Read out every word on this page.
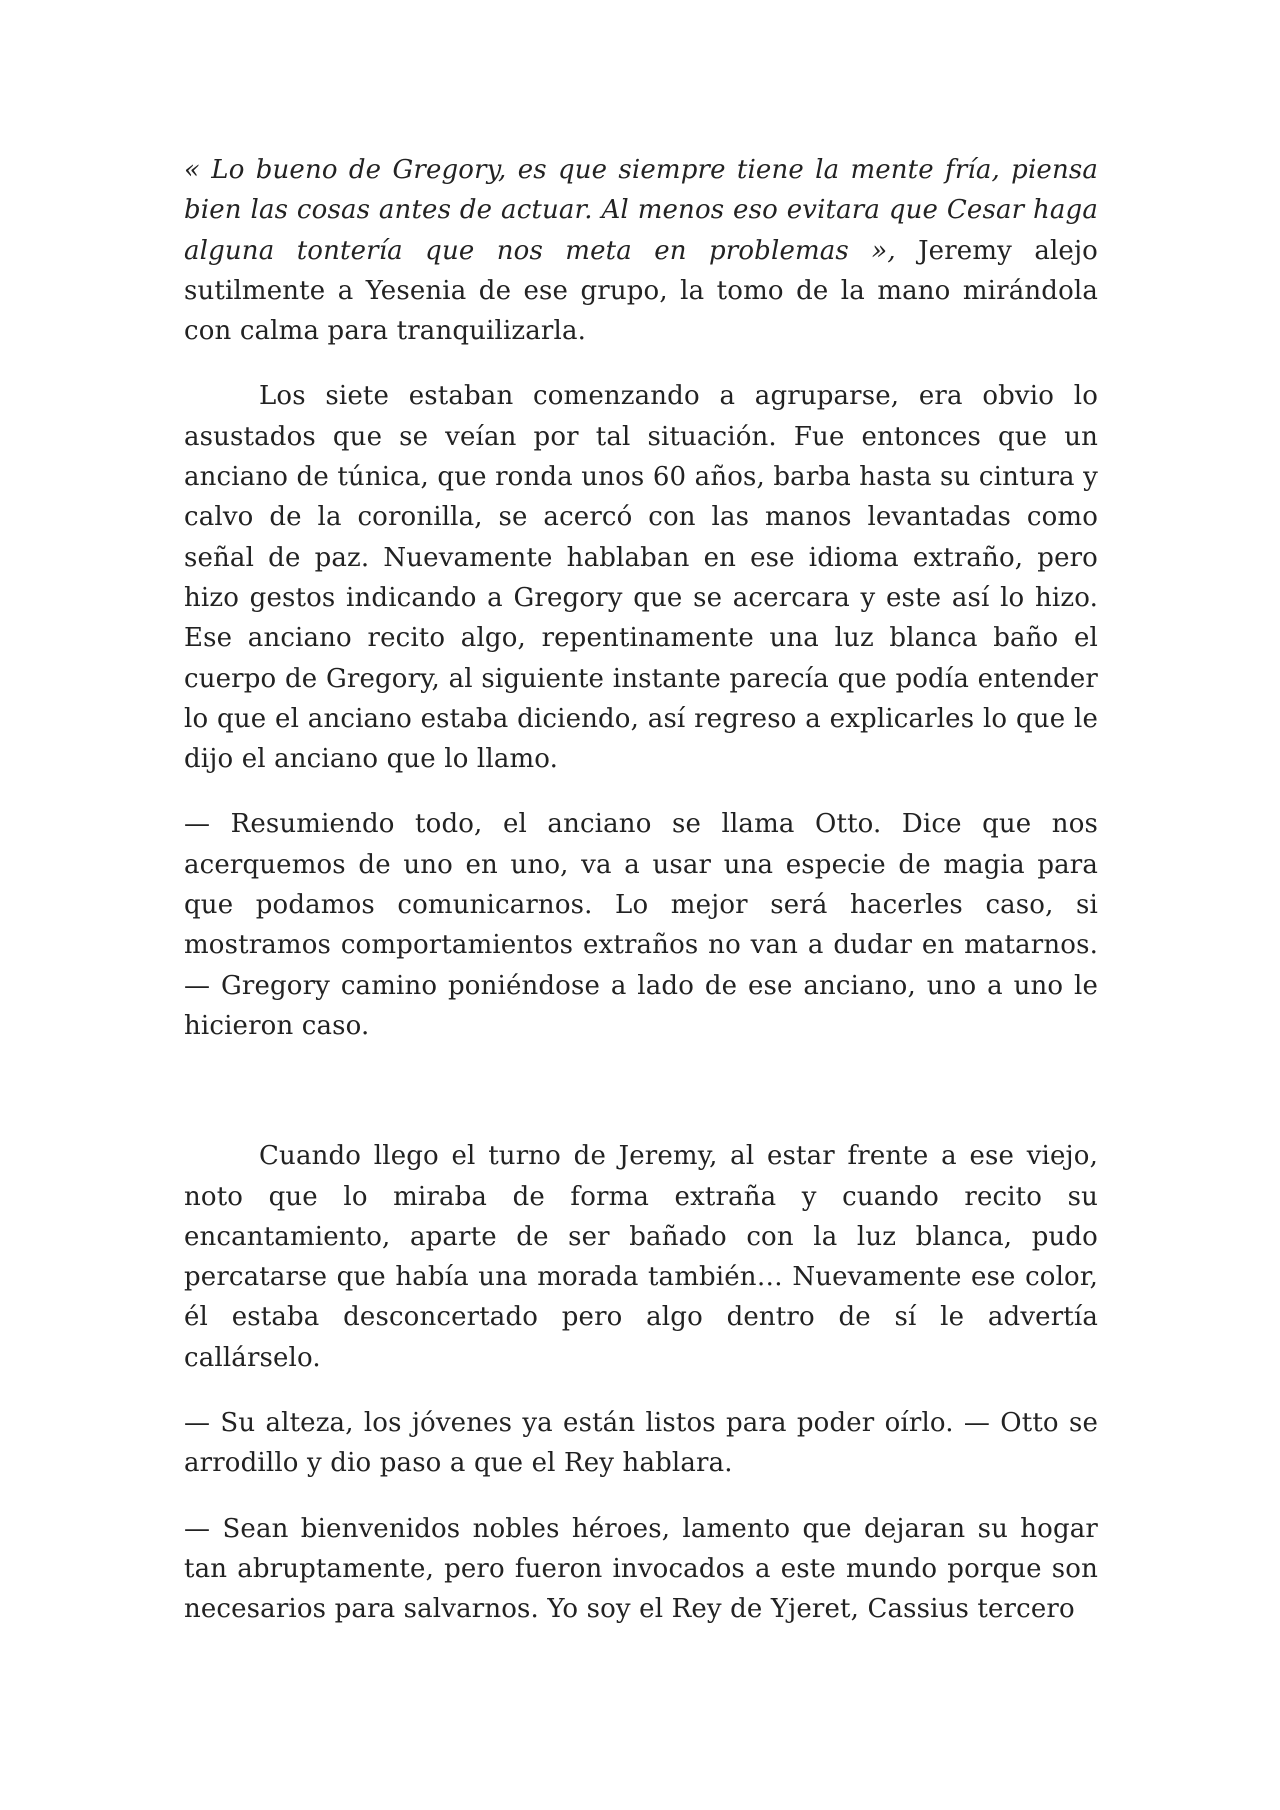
« Lo bueno de Gregory, es que siempre tiene la mente fría, piensa bien las cosas antes de actuar. Al menos eso evitara que Cesar haga alguna tontería que nos meta en problemas », Jeremy alejo sutilmente a Yesenia de ese grupo, la tomo de la mano mirándola con calma para tranquilizarla.

Los siete estaban comenzando a agruparse, era obvio lo asustados que se veían por tal situación. Fue entonces que un anciano de túnica, que ronda unos 60 años, barba hasta su cintura y calvo de la coronilla, se acercó con las manos levantadas como señal de paz. Nuevamente hablaban en ese idioma extraño, pero hizo gestos indicando a Gregory que se acercara y este así lo hizo. Ese anciano recito algo, repentinamente una luz blanca baño el cuerpo de Gregory, al siguiente instante parecía que podía entender lo que el anciano estaba diciendo, así regreso a explicarles lo que le dijo el anciano que lo llamo.

— Resumiendo todo, el anciano se llama Otto. Dice que nos acerquemos de uno en uno, va a usar una especie de magia para que podamos comunicarnos. Lo mejor será hacerles caso, si mostramos comportamientos extraños no van a dudar en matarnos. — Gregory camino poniéndose a lado de ese anciano, uno a uno le hicieron caso.

Cuando llego el turno de Jeremy, al estar frente a ese viejo, noto que lo miraba de forma extraña y cuando recito su encantamiento, aparte de ser bañado con la luz blanca, pudo percatarse que había una morada también… Nuevamente ese color, él estaba desconcertado pero algo dentro de sí le advertía callárselo.

— Su alteza, los jóvenes ya están listos para poder oírlo. — Otto se arrodillo y dio paso a que el Rey hablara.

— Sean bienvenidos nobles héroes, lamento que dejaran su hogar tan abruptamente, pero fueron invocados a este mundo porque son necesarios para salvarnos. Yo soy el Rey de Yjeret, Cassius tercero
